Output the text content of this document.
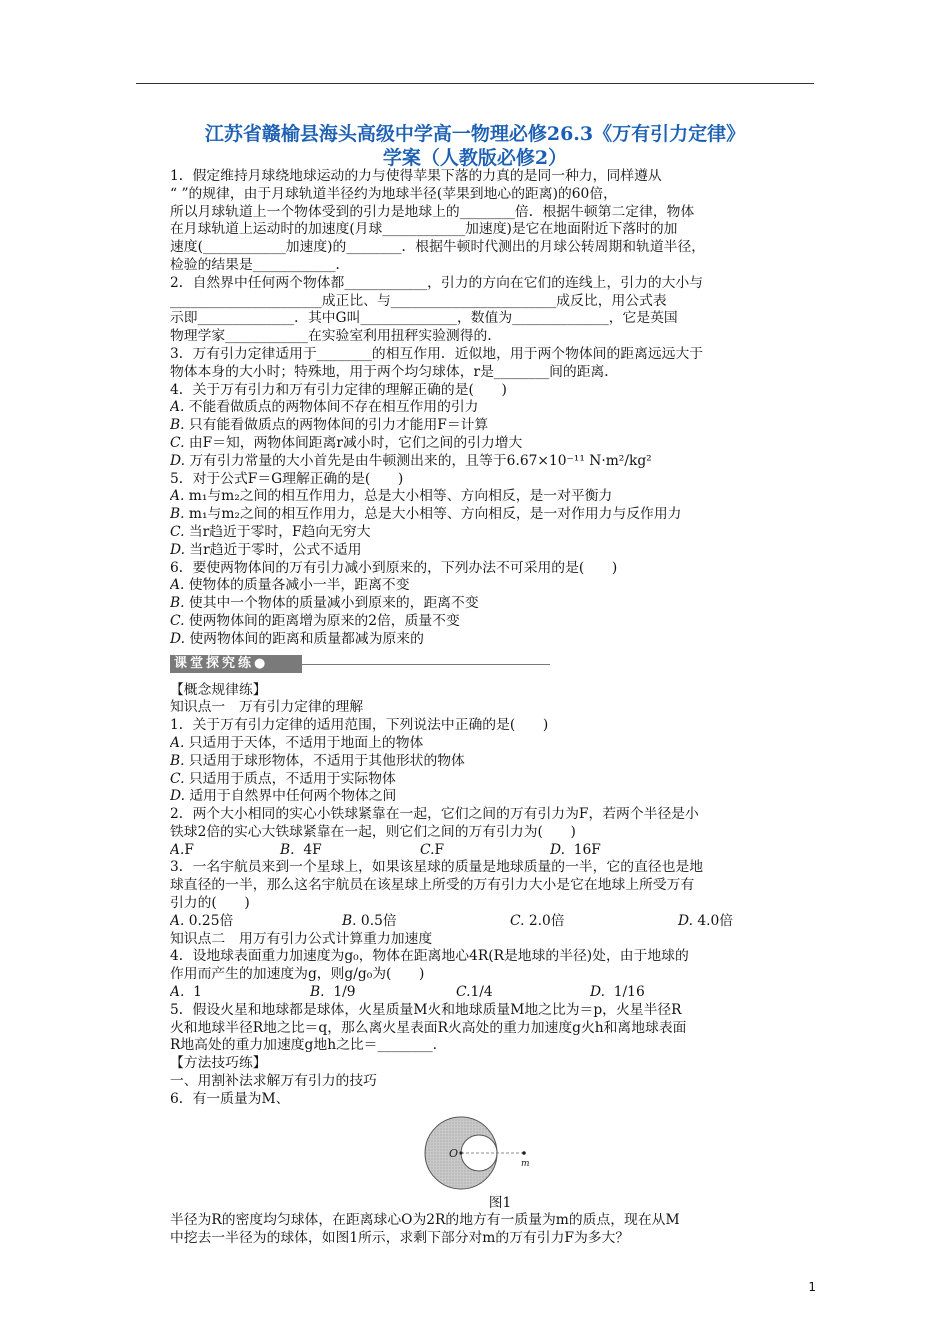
江苏省赣榆县海头高级中学高一物理必修26.3《万有引力定律》
学案（人教版必修2）

1．假定维持月球绕地球运动的力与使得苹果下落的力真的是同一种力，同样遵从

“ ”的规律，由于月球轨道半径约为地球半径(苹果到地心的距离)的60倍，

所以月球轨道上一个物体受到的引力是地球上的________倍．根据牛顿第二定律，物体

在月球轨道上运动时的加速度(月球____________加速度)是它在地面附近下落时的加

速度(____________加速度)的________．根据牛顿时代测出的月球公转周期和轨道半径，

检验的结果是____________．

2．自然界中任何两个物体都____________，引力的方向在它们的连线上，引力的大小与

______________________成正比、与________________________成反比，用公式表

示即______________．其中G叫______________，数值为______________，它是英国

物理学家____________在实验室利用扭秤实验测得的．

3．万有引力定律适用于________的相互作用．近似地，用于两个物体间的距离远远大于

物体本身的大小时；特殊地，用于两个均匀球体，r是________间的距离．

4．关于万有引力和万有引力定律的理解正确的是(　　)

A. 不能看做质点的两物体间不存在相互作用的引力

B. 只有能看做质点的两物体间的引力才能用F＝计算

C. 由F＝知，两物体间距离r减小时，它们之间的引力增大

D. 万有引力常量的大小首先是由牛顿测出来的，且等于6.67×10⁻¹¹ N·m²/kg²

5．对于公式F＝G理解正确的是(　　)

A. m₁与m₂之间的相互作用力，总是大小相等、方向相反，是一对平衡力

B. m₁与m₂之间的相互作用力，总是大小相等、方向相反，是一对作用力与反作用力

C. 当r趋近于零时，F趋向无穷大

D. 当r趋近于零时，公式不适用

6．要使两物体间的万有引力减小到原来的，下列办法不可采用的是(　　)

A. 使物体的质量各减小一半，距离不变

B. 使其中一个物体的质量减小到原来的，距离不变

C. 使两物体间的距离增为原来的2倍，质量不变

D. 使两物体间的距离和质量都减为原来的

课堂探究练●

【概念规律练】

知识点一　万有引力定律的理解

1．关于万有引力定律的适用范围，下列说法中正确的是(　　)

A. 只适用于天体，不适用于地面上的物体

B. 只适用于球形物体，不适用于其他形状的物体

C. 只适用于质点，不适用于实际物体

D. 适用于自然界中任何两个物体之间

2．两个大小相同的实心小铁球紧靠在一起，它们之间的万有引力为F，若两个半径是小

铁球2倍的实心大铁球紧靠在一起，则它们之间的万有引力为(　　)

A.F	B. 4F	C.F	D. 16F

3．一名宇航员来到一个星球上，如果该星球的质量是地球质量的一半，它的直径也是地

球直径的一半，那么这名宇航员在该星球上所受的万有引力大小是它在地球上所受万有

引力的(　　)

A. 0.25倍	B. 0.5倍	C. 2.0倍	D. 4.0倍

知识点二　用万有引力公式计算重力加速度

4．设地球表面重力加速度为g₀，物体在距离地心4R(R是地球的半径)处，由于地球的

作用而产生的加速度为g，则g/g₀为(　　)

A. 1	B. 1/9	C.1/4	D. 1/16

5．假设火星和地球都是球体，火星质量M火和地球质量M地之比为＝p，火星半径R

火和地球半径R地之比＝q，那么离火星表面R火高处的重力加速度g火h和离地球表面

R地高处的重力加速度g地h之比＝________.

【方法技巧练】

一、用割补法求解万有引力的技巧

6．有一质量为M、

O
m

图1

半径为R的密度均匀球体，在距离球心O为2R的地方有一质量为m的质点，现在从M

中挖去一半径为的球体，如图1所示，求剩下部分对m的万有引力F为多大？

1
